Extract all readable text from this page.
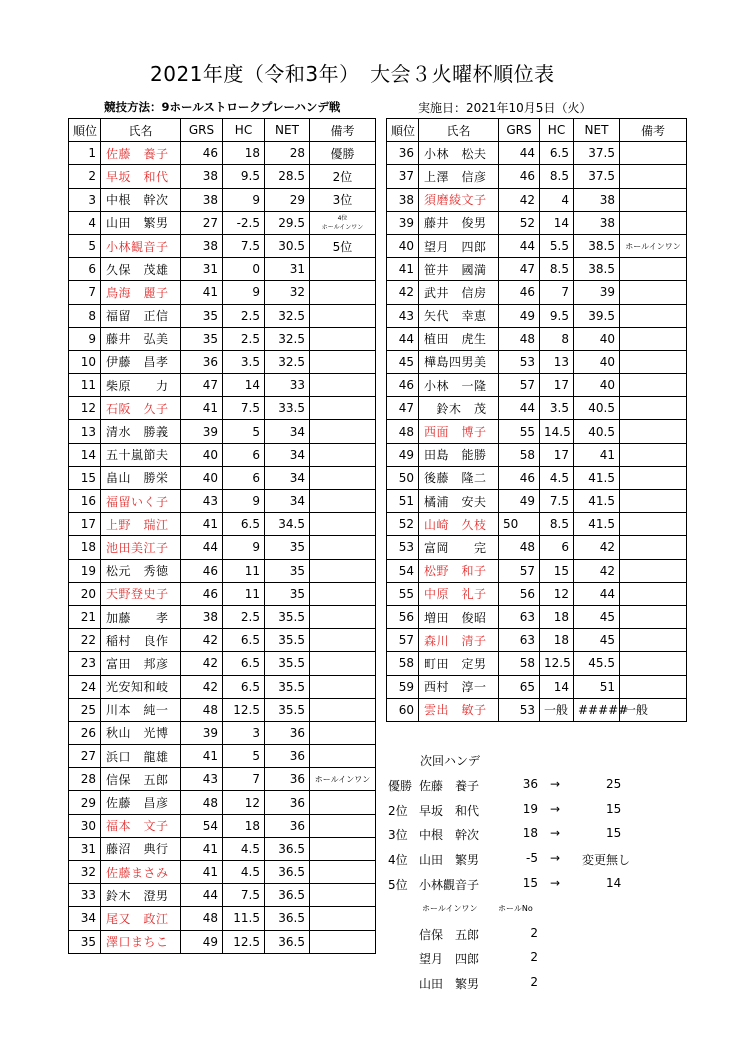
2021年度（令和3年）　大会３火曜杯順位表
競技方法：9ホールストロークプレーハンデ戦	実施日：2021年10月5日（火）
順位	氏名	GRS	HC	NET	備考
1	佐藤　養子	46	18	28	優勝
2	早坂　和代	38	9.5	28.5	2位
3	中根　幹次	38	9	29	3位
4	山田　繁男	27	-2.5	29.5	4位
ホールインワン
5	小林観音子	38	7.5	30.5	5位
6	久保　茂雄	31	0	31	
7	鳥海　麗子	41	9	32	
8	福留　正信	35	2.5	32.5	
9	藤井　弘美	35	2.5	32.5	
10	伊藤　昌孝	36	3.5	32.5	
11	柴原　　力	47	14	33	
12	石阪　久子	41	7.5	33.5	
13	清水　勝義	39	5	34	
14	五十嵐節夫	40	6	34	
15	畠山　勝栄	40	6	34	
16	福留いく子	43	9	34	
17	上野　瑞江	41	6.5	34.5	
18	池田美江子	44	9	35	
19	松元　秀徳	46	11	35	
20	天野登史子	46	11	35	
21	加藤　　孝	38	2.5	35.5	
22	稲村　良作	42	6.5	35.5	
23	富田　邦彦	42	6.5	35.5	
24	光安知和岐	42	6.5	35.5	
25	川本　純一	48	12.5	35.5	
26	秋山　光博	39	3	36	
27	浜口　龍雄	41	5	36	
28	信保　五郎	43	7	36	ホールインワン
29	佐藤　昌彦	48	12	36	
30	福本　文子	54	18	36	
31	藤沼　典行	41	4.5	36.5	
32	佐藤まさみ	41	4.5	36.5	
33	鈴木　澄男	44	7.5	36.5	
34	尾又　政江	48	11.5	36.5	
35	澤口まちこ	49	12.5	36.5	
順位	氏名	GRS	HC	NET	備考
36	小林　松夫	44	6.5	37.5	
37	上澤　信彦	46	8.5	37.5	
38	須磨綾文子	42	4	38	
39	藤井　俊男	52	14	38	
40	望月　四郎	44	5.5	38.5	ホールインワン
41	笹井　國満	47	8.5	38.5	
42	武井　信房	46	7	39	
43	矢代　幸恵	49	9.5	39.5	
44	植田　虎生	48	8	40	
45	樺島四男美	53	13	40	
46	小林　一隆	57	17	40	
47	　鈴木　茂	44	3.5	40.5	
48	西面　博子	55	14.5	40.5	
49	田島　能勝	58	17	41	
50	後藤　隆二	46	4.5	41.5	
51	橘浦　安夫	49	7.5	41.5	
52	山崎　久枝	50	8.5	41.5	
53	富岡　　完	48	6	42	
54	松野　和子	57	15	42	
55	中原　礼子	56	12	44	
56	増田　俊昭	63	18	45	
57	森川　清子	63	18	45	
58	町田　定男	58	12.5	45.5	
59	西村　淳一	65	14	51	
60	雲出　敏子	53	一般	#####	一般
次回ハンデ
優勝 佐藤　養子	36 →	25
2位 早坂　和代	19 →	15
3位 中根　幹次	18 →	15
4位 山田　繁男	-5 → 変更無し
5位 小林觀音子	15 →	14
ホールインワン	ホールNo
信保　五郎	2
望月　四郎	2
山田　繁男	2
